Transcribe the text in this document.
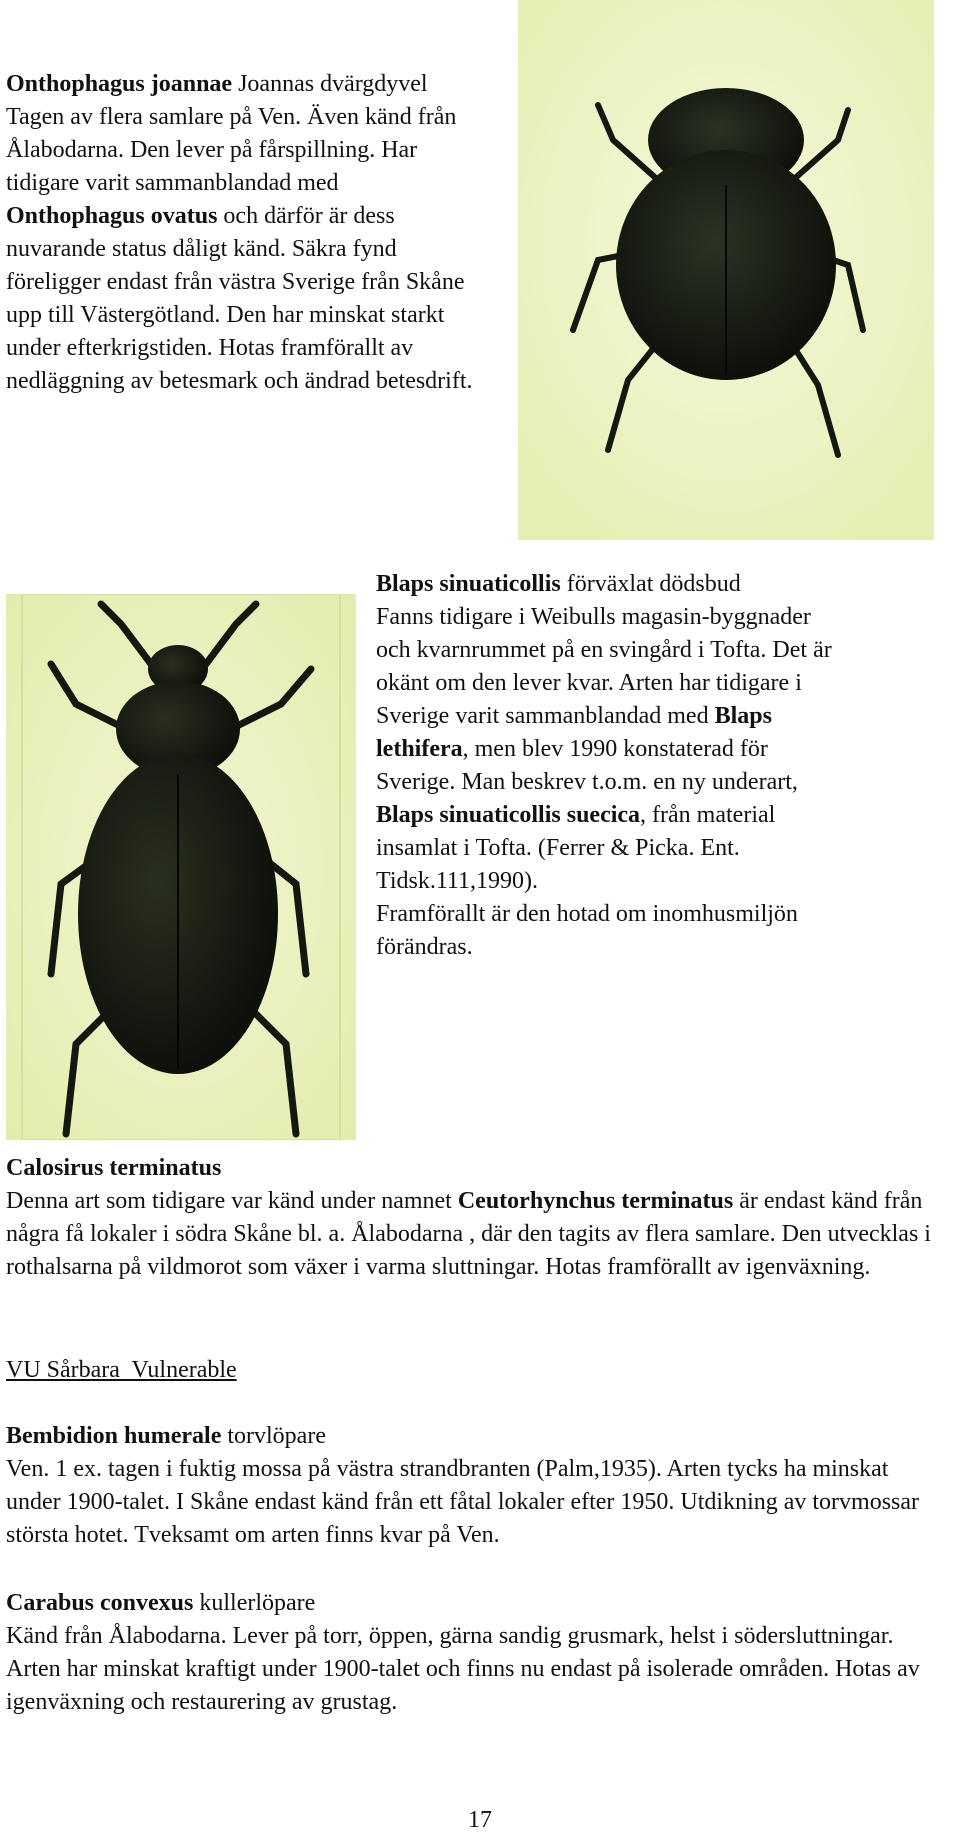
Onthophagus joannae Joannas dvärgdyvel
Tagen av flera samlare på Ven. Även känd från Ålabodarna. Den lever på fårspillning. Har tidigare varit sammanblandad med Onthophagus ovatus och därför är dess nuvarande status dåligt känd. Säkra fynd föreligger endast från västra Sverige från Skåne upp till Västergötland. Den har minskat starkt under efterkrigstiden. Hotas framförallt av nedläggning av betesmark och ändrad betesdrift.

Blaps sinuaticollis förväxlat dödsbud
Fanns tidigare i Weibulls magasin-byggnader och kvarnrummet på en svingård i Tofta. Det är okänt om den lever kvar. Arten har tidigare i Sverige varit sammanblandad med Blaps lethifera, men blev 1990 konstaterad för Sverige. Man beskrev t.o.m. en ny underart, Blaps sinuaticollis suecica, från material insamlat i Tofta. (Ferrer & Picka. Ent. Tidsk.111,1990).
Framförallt är den hotad om inomhusmiljön förändras.

Calosirus terminatus
Denna art som tidigare var känd under namnet Ceutorhynchus terminatus är endast känd från några få lokaler i södra Skåne bl. a. Ålabodarna , där den tagits av flera samlare. Den utvecklas i rothalsarna på vildmorot som växer i varma sluttningar. Hotas framförallt av igenväxning.

VU Sårbara  Vulnerable

Bembidion humerale torvlöpare
Ven. 1 ex. tagen i fuktig mossa på västra strandbranten (Palm,1935). Arten tycks ha minskat under 1900-talet. I Skåne endast känd från ett fåtal lokaler efter 1950. Utdikning av torvmossar största hotet. Tveksamt om arten finns kvar på Ven.

Carabus convexus kullerlöpare
Känd från Ålabodarna. Lever på torr, öppen, gärna sandig grusmark, helst i södersluttningar. Arten har minskat kraftigt under 1900-talet och finns nu endast på isolerade områden. Hotas av igenväxning och restaurering av grustag.

17
